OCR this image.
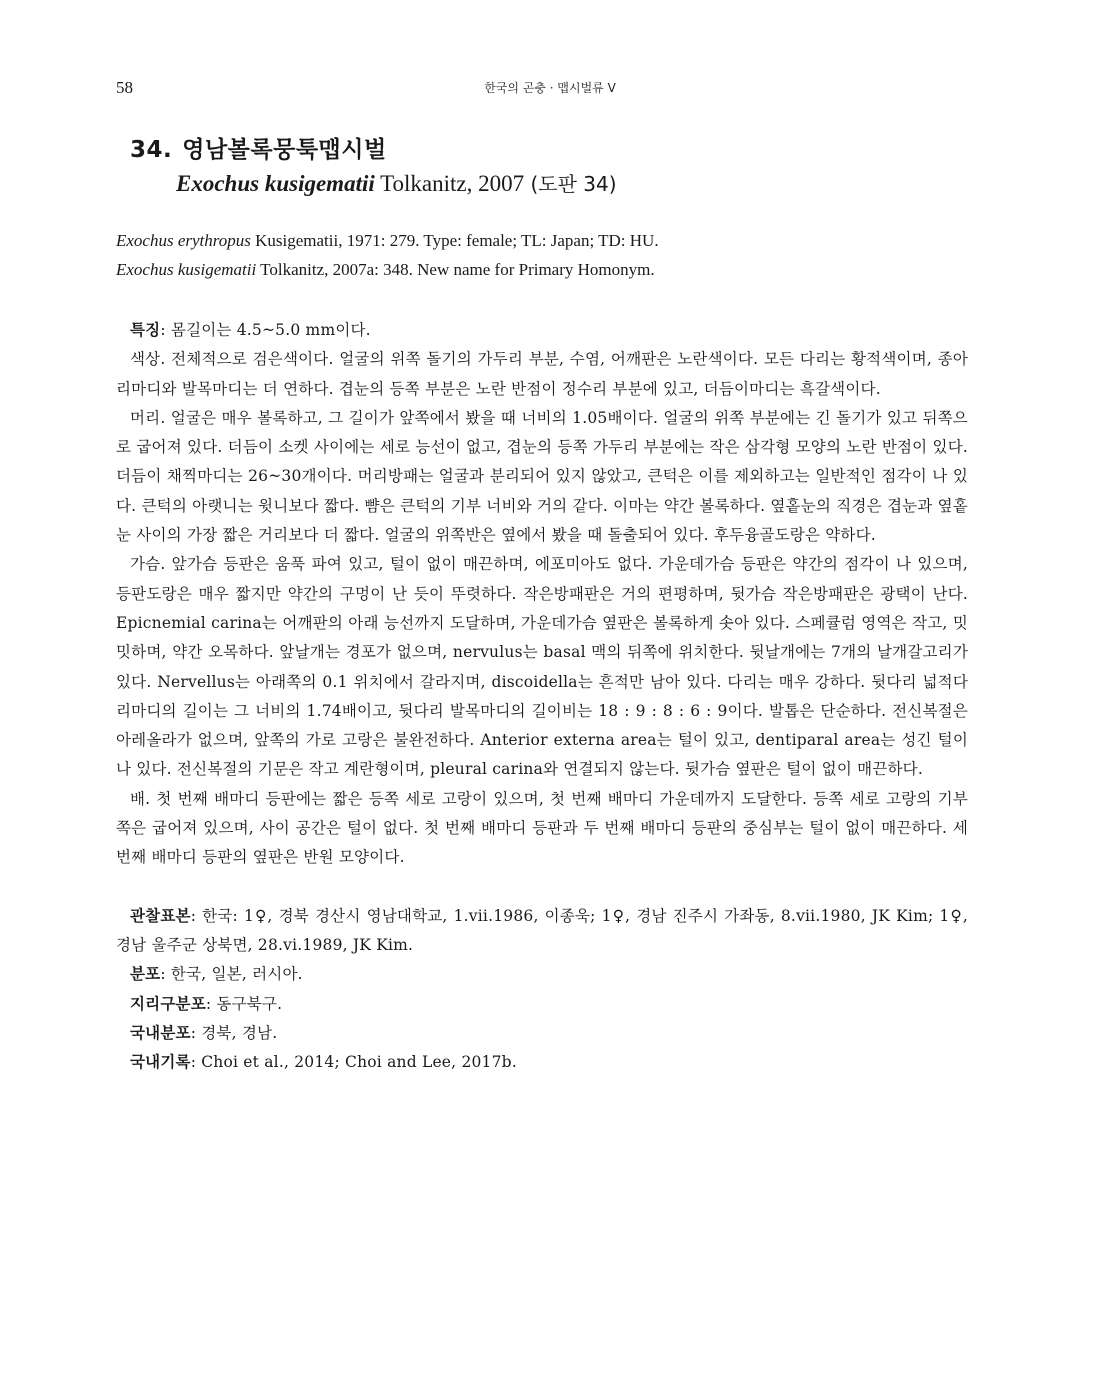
58	한국의 곤충 · 맵시벌류 V
34. 영남볼록뭉툭맵시벌
Exochus kusigematii Tolkanitz, 2007 (도판 34)
Exochus erythropus Kusigematii, 1971: 279. Type: female; TL: Japan; TD: HU.
Exochus kusigematii Tolkanitz, 2007a: 348. New name for Primary Homonym.

특징: 몸길이는 4.5~5.0 mm이다.

색상. 전체적으로 검은색이다. 얼굴의 위쪽 돌기의 가두리 부분, 수염, 어깨판은 노란색이다. 모든 다리는 황적색이며, 종아리마디와 발목마디는 더 연하다. 겹눈의 등쪽 부분은 노란 반점이 정수리 부분에 있고, 더듬이마디는 흑갈색이다.

머리. 얼굴은 매우 볼록하고, 그 길이가 앞쪽에서 봤을 때 너비의 1.05배이다. 얼굴의 위쪽 부분에는 긴 돌기가 있고 뒤쪽으로 굽어져 있다. 더듬이 소켓 사이에는 세로 능선이 없고, 겹눈의 등쪽 가두리 부분에는 작은 삼각형 모양의 노란 반점이 있다. 더듬이 채찍마디는 26~30개이다. 머리방패는 얼굴과 분리되어 있지 않았고, 큰턱은 이를 제외하고는 일반적인 점각이 나 있다. 큰턱의 아랫니는 윗니보다 짧다. 뺨은 큰턱의 기부 너비와 거의 같다. 이마는 약간 볼록하다. 옆홑눈의 직경은 겹눈과 옆홑눈 사이의 가장 짧은 거리보다 더 짧다. 얼굴의 위쪽반은 옆에서 봤을 때 돌출되어 있다. 후두융골도랑은 약하다.

가슴. 앞가슴 등판은 움푹 파여 있고, 털이 없이 매끈하며, 에포미아도 없다. 가운데가슴 등판은 약간의 점각이 나 있으며, 등판도랑은 매우 짧지만 약간의 구멍이 난 듯이 뚜렷하다. 작은방패판은 거의 편평하며, 뒷가슴 작은방패판은 광택이 난다. Epicnemial carina는 어깨판의 아래 능선까지 도달하며, 가운데가슴 옆판은 볼록하게 솟아 있다. 스페큘럼 영역은 작고, 밋밋하며, 약간 오목하다. 앞날개는 경포가 없으며, nervulus는 basal 맥의 뒤쪽에 위치한다. 뒷날개에는 7개의 날개갈고리가 있다. Nervellus는 아래쪽의 0.1 위치에서 갈라지며, discoidella는 흔적만 남아 있다. 다리는 매우 강하다. 뒷다리 넓적다리마디의 길이는 그 너비의 1.74배이고, 뒷다리 발목마디의 길이비는 18 : 9 : 8 : 6 : 9이다. 발톱은 단순하다. 전신복절은 아레올라가 없으며, 앞쪽의 가로 고랑은 불완전하다. Anterior externa area는 털이 있고, dentiparal area는 성긴 털이 나 있다. 전신복절의 기문은 작고 계란형이며, pleural carina와 연결되지 않는다. 뒷가슴 옆판은 털이 없이 매끈하다.

배. 첫 번째 배마디 등판에는 짧은 등쪽 세로 고랑이 있으며, 첫 번째 배마디 가운데까지 도달한다. 등쪽 세로 고랑의 기부 쪽은 굽어져 있으며, 사이 공간은 털이 없다. 첫 번째 배마디 등판과 두 번째 배마디 등판의 중심부는 털이 없이 매끈하다. 세 번째 배마디 등판의 옆판은 반원 모양이다.

관찰표본: 한국: 1♀, 경북 경산시 영남대학교, 1.vii.1986, 이종욱; 1♀, 경남 진주시 가좌동, 8.vii.1980, JK Kim; 1♀, 경남 울주군 상북면, 28.vi.1989, JK Kim.

분포: 한국, 일본, 러시아.

지리구분포: 동구북구.

국내분포: 경북, 경남.

국내기록: Choi et al., 2014; Choi and Lee, 2017b.
